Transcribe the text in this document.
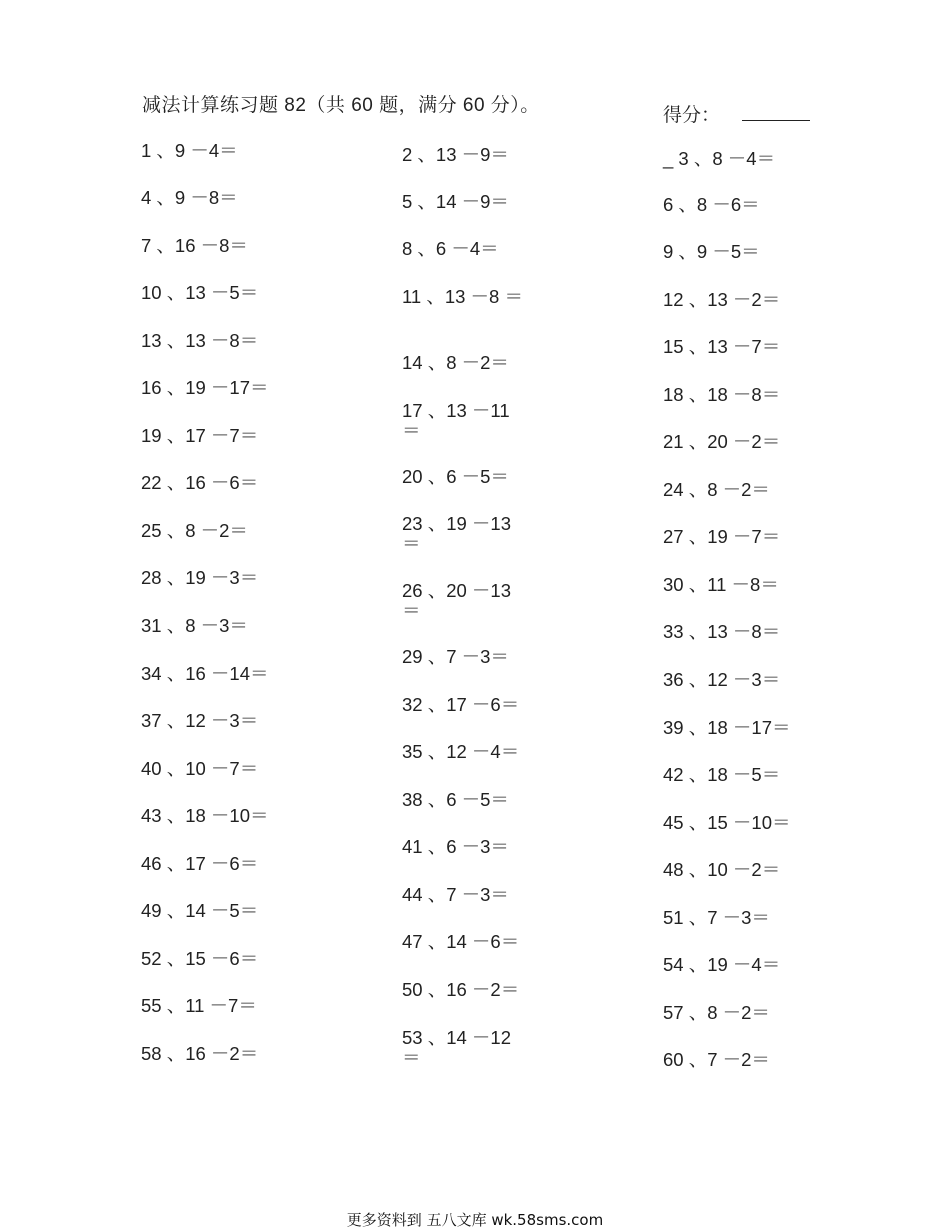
减法计算练习题 82（共 60 题，满分 60 分）。	得分：
1 、9 －4＝
4 、9 －8＝
7 、16 －8＝
10 、13 －5＝
13 、13 －8＝
16 、19 －17＝
19 、17 －7＝
22 、16 －6＝
25 、8 －2＝
28 、19 －3＝
31 、8 －3＝
34 、16 －14＝
37 、12 －3＝
40 、10 －7＝
43 、18 －10＝
46 、17 －6＝
49 、14 －5＝
52 、15 －6＝
55 、11 －7＝
58 、16 －2＝
2 、13 －9＝
5 、14 －9＝
8 、6 －4＝
11 、13 －8 ＝
14 、8 －2＝
17 、13 －11 ＝
20 、6 －5＝
23 、19 －13 ＝
26 、20 －13 ＝
29 、7 －3＝
32 、17 －6＝
35 、12 －4＝
38 、6 －5＝
41 、6 －3＝
44 、7 －3＝
47 、14 －6＝
50 、16 －2＝
53 、14 －12 ＝
_ 3 、8 －4＝
6 、8 －6＝
9 、9 －5＝
12 、13 －2＝
15 、13 －7＝
18 、18 －8＝
21 、20 －2＝
24 、8 －2＝
27 、19 －7＝
30 、11 －8＝
33 、13 －8＝
36 、12 －3＝
39 、18 －17＝
42 、18 －5＝
45 、15 －10＝
48 、10 －2＝
51 、7 －3＝
54 、19 －4＝
57 、8 －2＝
60 、7 －2＝
更多资料到 五八文库 wk.58sms.com
